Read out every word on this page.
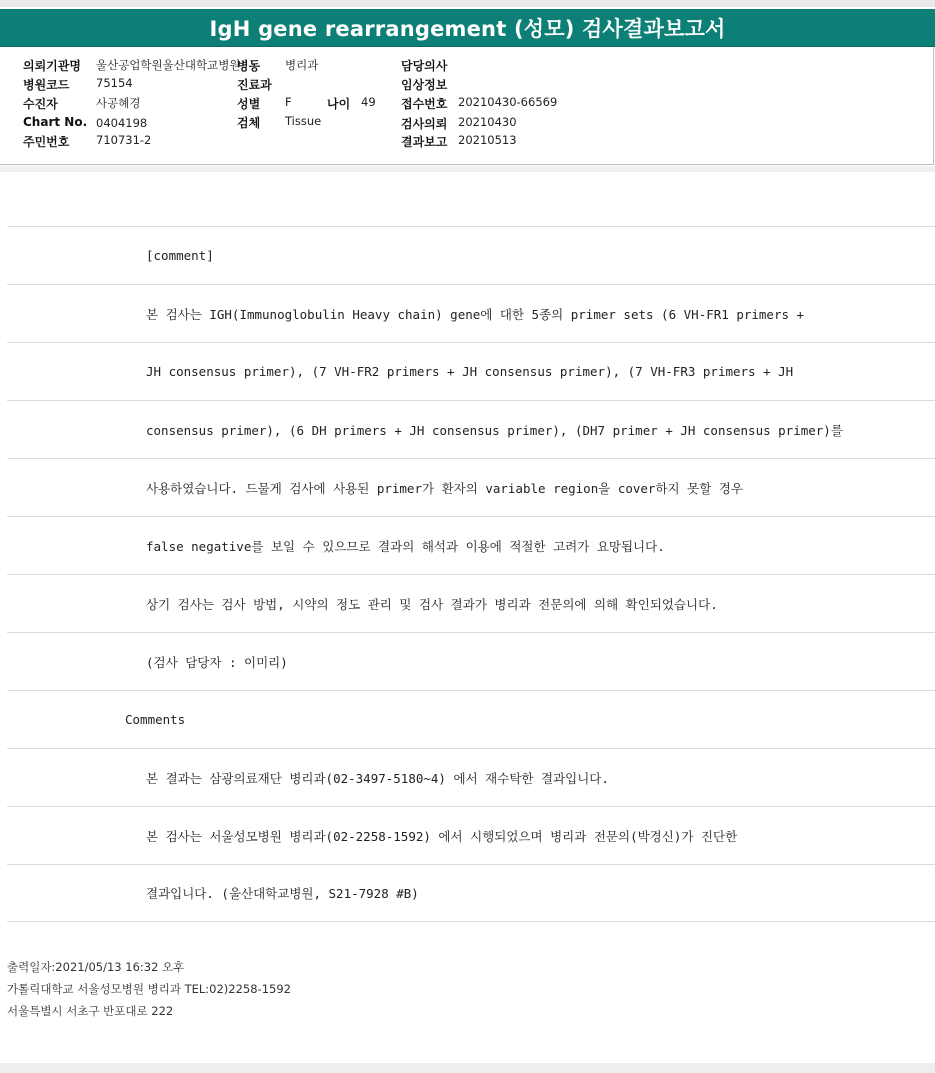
IgH gene rearrangement (성모) 검사결과보고서
의뢰기관명 울산공업학원울산대학교병원
병원코드 75154
수진자	사공혜경
Chart No. 0404198
주민번호 710731-2
병동 병리과
진료과
성별 F	나이 49
검체 Tissue
담당의사
임상정보
접수번호 20210430-66569
검사의뢰 20210430
결과보고 20210513
[comment]
본 검사는 IGH(Immunoglobulin Heavy chain) gene에 대한 5종의 primer sets (6 VH-FR1 primers +
JH consensus primer), (7 VH-FR2 primers + JH consensus primer), (7 VH-FR3 primers + JH
consensus primer), (6 DH primers + JH consensus primer), (DH7 primer + JH consensus primer)를
사용하였습니다. 드물게 검사에 사용된 primer가 환자의 variable region을 cover하지 못할 경우
false negative를 보일 수 있으므로 결과의 해석과 이용에 적절한 고려가 요망됩니다.
상기 검사는 검사 방법, 시약의 정도 관리 및 검사 결과가 병리과 전문의에 의해 확인되었습니다.
(검사 담당자 : 이미리)
Comments
본 결과는 삼광의료재단 병리과(02-3497-5180~4) 에서 재수탁한 결과입니다.
본 검사는 서울성모병원 병리과(02-2258-1592) 에서 시행되었으며 병리과 전문의(박경신)가 진단한
결과입니다. (울산대학교병원, S21-7928 #B)
출력일자:2021/05/13 16:32 오후
가톨릭대학교 서울성모병원 병리과 TEL:02)2258-1592
서울특별시 서초구 반포대로 222
